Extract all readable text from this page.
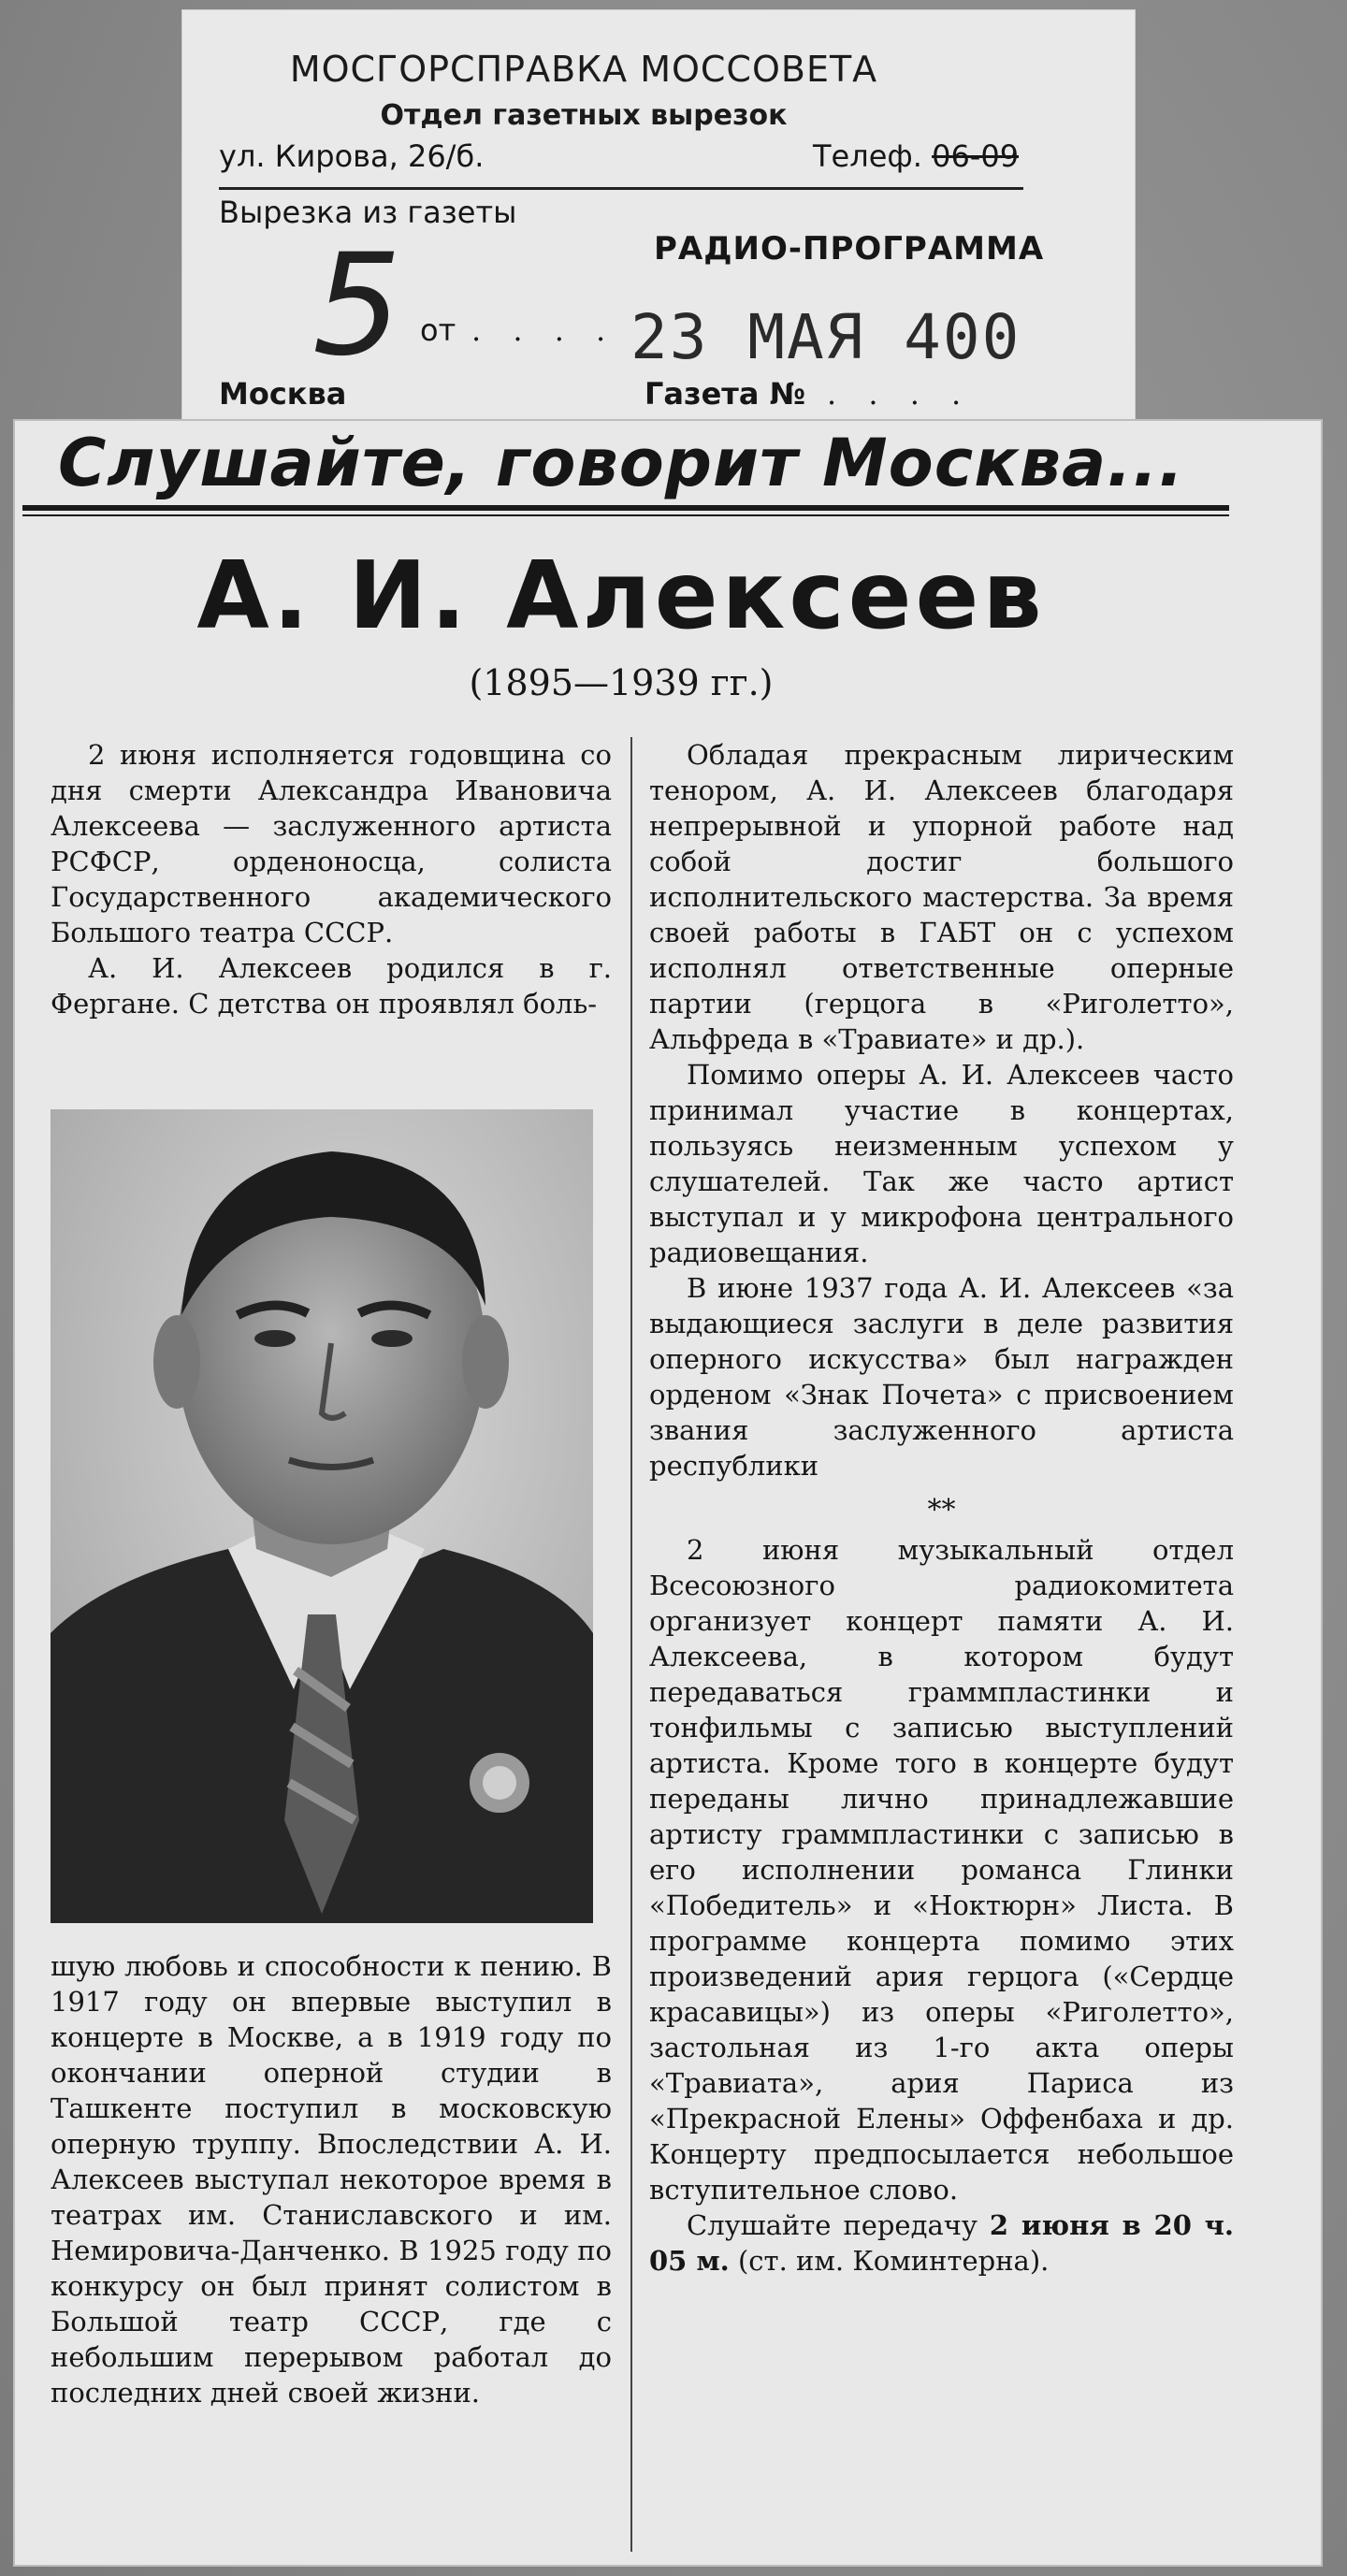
МОСГОРСПРАВКА МОССОВЕТА
Отдел газетных вырезок
ул. Кирова, 26/б.	Телеф. 06-09
Вырезка из газеты
РАДИО-ПРОГРАММА
5 от . . . . 23 МАЯ 400
Москва	Газета № . . . .
Слушайте, говорит Москва...
А. И. Алексеев
(1895—1939 гг.)

2 июня исполняется годовщина со дня смерти Александра Ивановича Алексеева — заслуженного артиста РСФСР, орденоносца, солиста Государственного академического Большого театра СССР.

А. И. Алексеев родился в г. Фергане. С детства он проявлял боль-

шую любовь и способности к пению. В 1917 году он впервые выступил в концерте в Москве, а в 1919 году по окончании оперной студии в Ташкенте поступил в московскую оперную труппу. Впоследствии А. И. Алексеев выступал некоторое время в театрах им. Станиславского и им. Немировича-Данченко. В 1925 году по конкурсу он был принят солистом в Большой театр СССР, где с небольшим перерывом работал до последних дней своей жизни.

Обладая прекрасным лирическим тенором, А. И. Алексеев благодаря непрерывной и упорной работе над собой достиг большого исполнительского мастерства. За время своей работы в ГАБТ он с успехом исполнял ответственные оперные партии (герцога в «Риголетто», Альфреда в «Травиате» и др.).

Помимо оперы А. И. Алексеев часто принимал участие в концертах, пользуясь неизменным успехом у слушателей. Так же часто артист выступал и у микрофона центрального радиовещания.

В июне 1937 года А. И. Алексеев «за выдающиеся заслуги в деле развития оперного искусства» был награжден орденом «Знак Почета» с присвоением звания заслуженного артиста республики

**

2 июня музыкальный отдел Всесоюзного радиокомитета организует концерт памяти А. И. Алексеева, в котором будут передаваться граммпластинки и тонфильмы с записью выступлений артиста. Кроме того в концерте будут переданы лично принадлежавшие артисту граммпластинки с записью в его исполнении романса Глинки «Победитель» и «Ноктюрн» Листа. В программе концерта помимо этих произведений ария герцога («Сердце красавицы») из оперы «Риголетто», застольная из 1-го акта оперы «Травиата», ария Париса из «Прекрасной Елены» Оффенбаха и др. Концерту предпосылается небольшое вступительное слово.

Слушайте передачу 2 июня в 20 ч. 05 м. (ст. им. Коминтерна).
